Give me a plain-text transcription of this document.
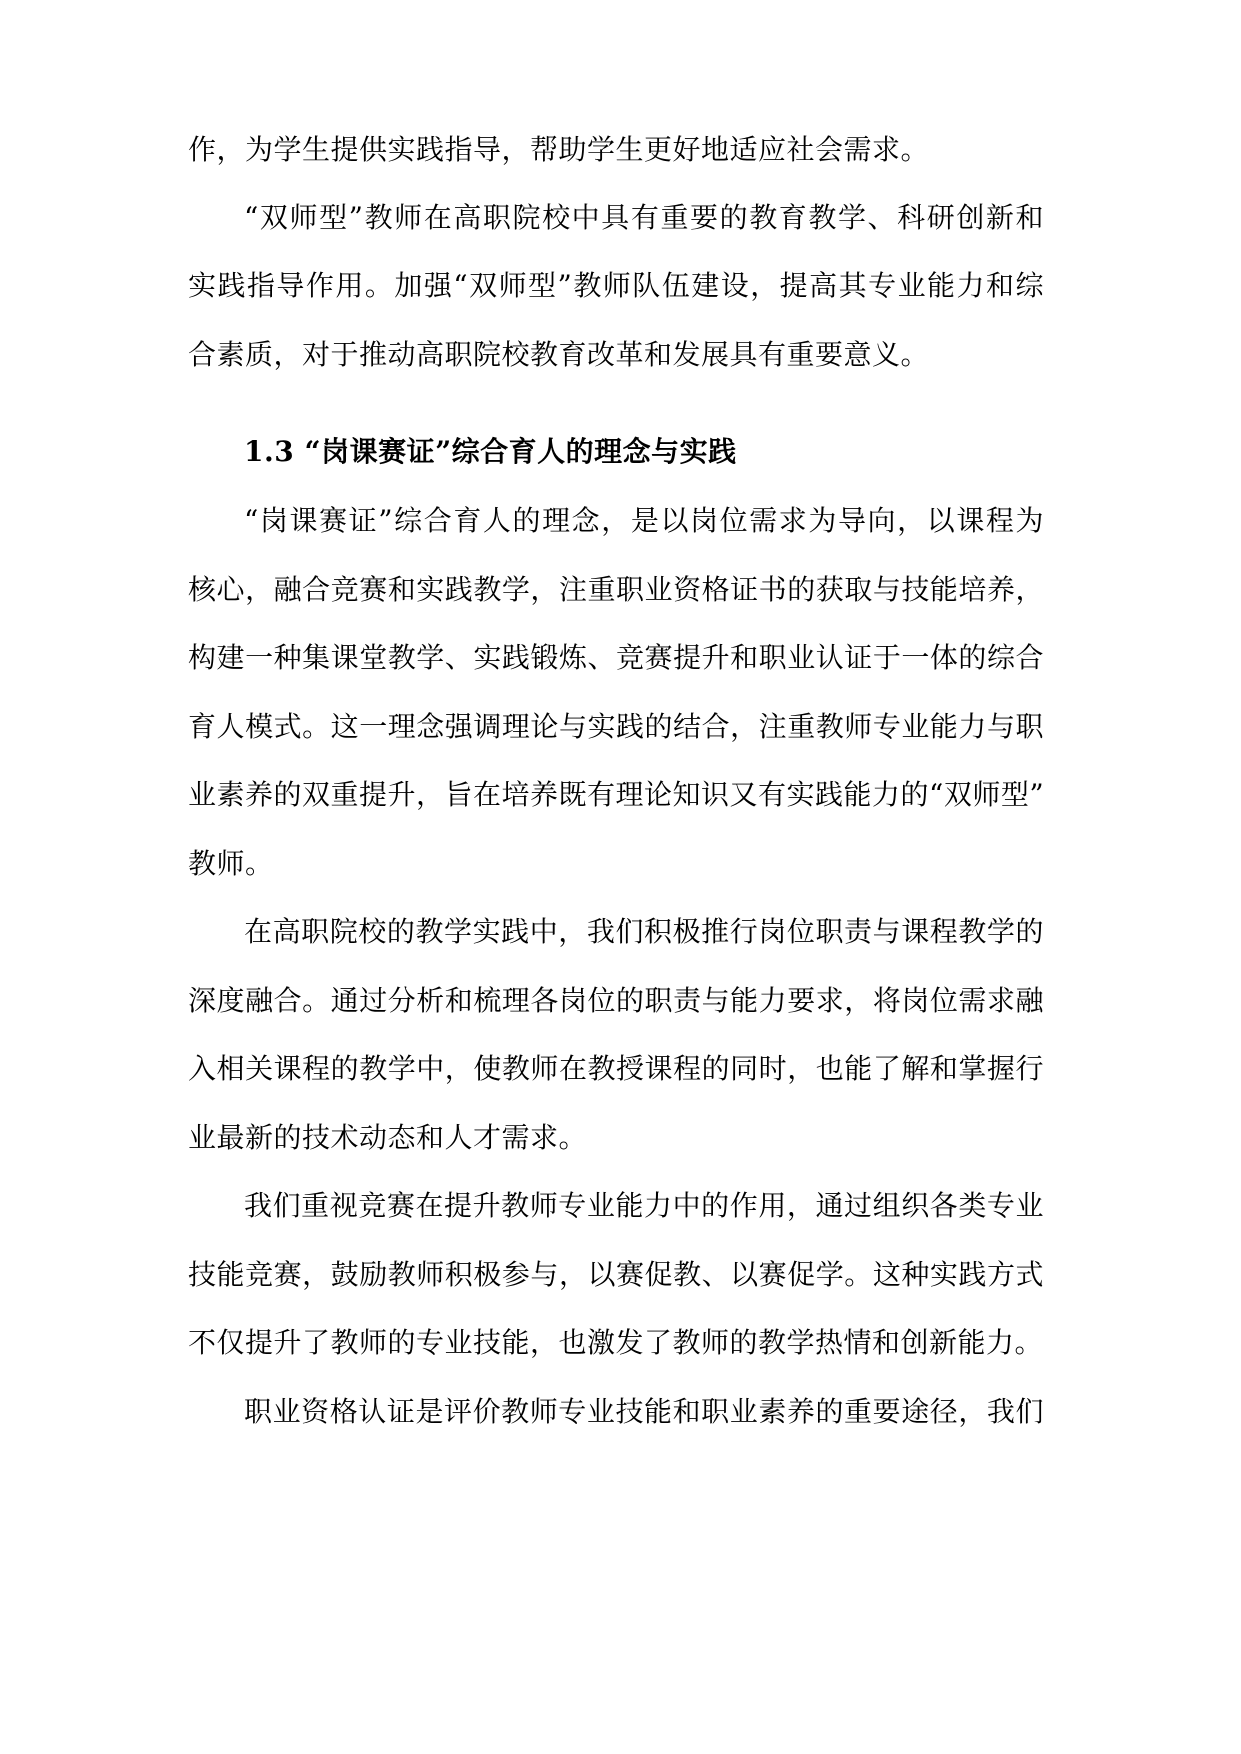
作，为学生提供实践指导，帮助学生更好地适应社会需求。
“双师型”教师在高职院校中具有重要的教育教学、科研创新和
实践指导作用。加强“双师型”教师队伍建设，提高其专业能力和综
合素质，对于推动高职院校教育改革和发展具有重要意义。
1.3 “岗课赛证”综合育人的理念与实践
“岗课赛证”综合育人的理念，是以岗位需求为导向，以课程为
核心，融合竞赛和实践教学，注重职业资格证书的获取与技能培养，
构建一种集课堂教学、实践锻炼、竞赛提升和职业认证于一体的综合
育人模式。这一理念强调理论与实践的结合，注重教师专业能力与职
业素养的双重提升，旨在培养既有理论知识又有实践能力的“双师型”
教师。
在高职院校的教学实践中，我们积极推行岗位职责与课程教学的
深度融合。通过分析和梳理各岗位的职责与能力要求，将岗位需求融
入相关课程的教学中，使教师在教授课程的同时，也能了解和掌握行
业最新的技术动态和人才需求。
我们重视竞赛在提升教师专业能力中的作用，通过组织各类专业
技能竞赛，鼓励教师积极参与，以赛促教、以赛促学。这种实践方式
不仅提升了教师的专业技能，也激发了教师的教学热情和创新能力。
职业资格认证是评价教师专业技能和职业素养的重要途径，我们
